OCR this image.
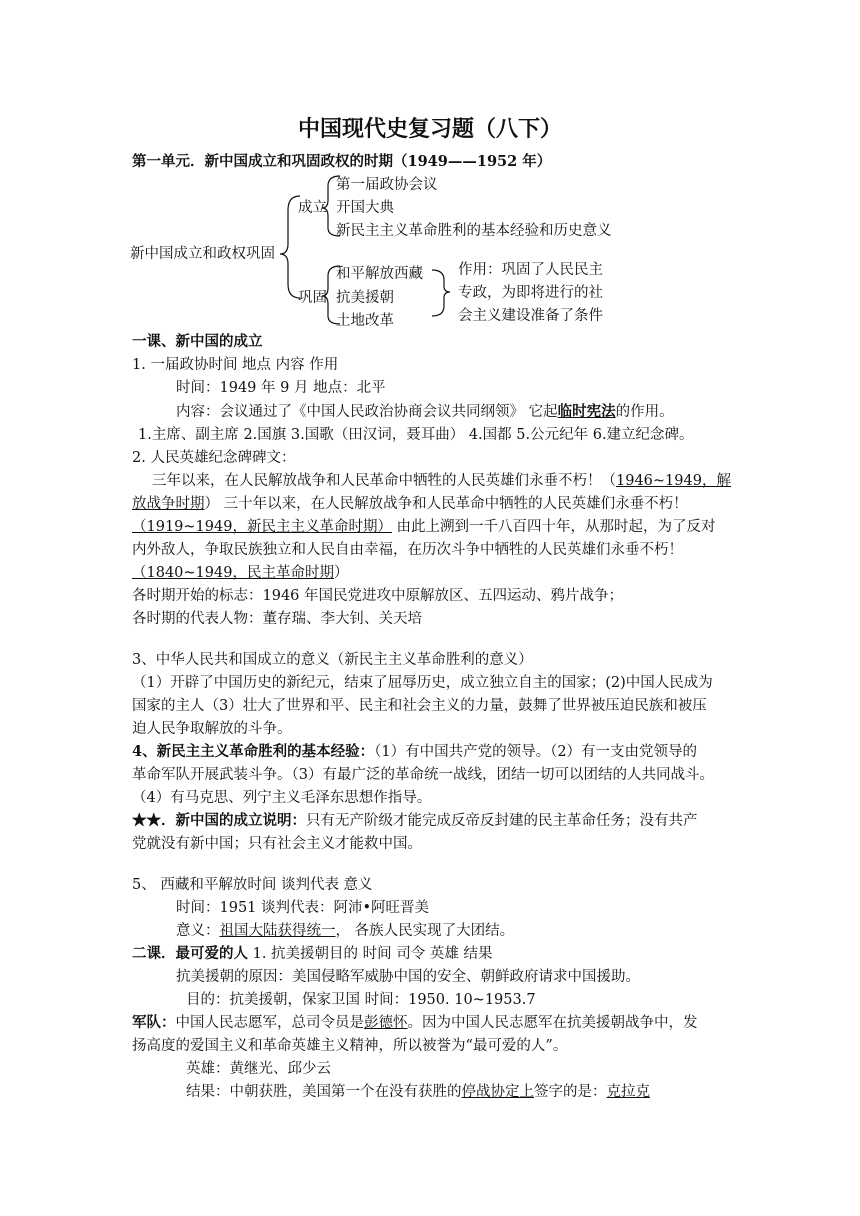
中国现代史复习题（八下）
第一单元．新中国成立和巩固政权的时期（1949——1952 年）
新中国成立和政权巩固
成立
第一届政协会议
开国大典
新民主主义革命胜利的基本经验和历史意义
巩固
和平解放西藏
抗美援朝
土地改革
作用：巩固了人民民主
专政，为即将进行的社
会主义建设准备了条件
一课、新中国的成立
1. 一届政协时间 地点 内容 作用
时间：1949 年 9 月 地点：北平
内容：会议通过了《中国人民政治协商会议共同纲领》 它起临时宪法的作用。
1.主席、副主席 2.国旗 3.国歌（田汉词，聂耳曲） 4.国都 5.公元纪年 6.建立纪念碑。
2. 人民英雄纪念碑碑文：
三年以来，在人民解放战争和人民革命中牺牲的人民英雄们永垂不朽！（1946~1949，解
放战争时期） 三十年以来，在人民解放战争和人民革命中牺牲的人民英雄们永垂不朽！
（1919~1949，新民主主义革命时期） 由此上溯到一千八百四十年，从那时起，为了反对
内外敌人，争取民族独立和人民自由幸福，在历次斗争中牺牲的人民英雄们永垂不朽！
（1840~1949，民主革命时期）
各时期开始的标志：1946 年国民党进攻中原解放区、五四运动、鸦片战争；
各时期的代表人物：董存瑞、李大钊、关天培
3、中华人民共和国成立的意义（新民主主义革命胜利的意义）
（1）开辟了中国历史的新纪元，结束了屈辱历史，成立独立自主的国家；(2)中国人民成为
国家的主人（3）壮大了世界和平、民主和社会主义的力量，鼓舞了世界被压迫民族和被压
迫人民争取解放的斗争。
4、新民主主义革命胜利的基本经验：（1）有中国共产党的领导。（2）有一支由党领导的
革命军队开展武装斗争。（3）有最广泛的革命统一战线，团结一切可以团结的人共同战斗。
（4）有马克思、列宁主义毛泽东思想作指导。
★★．新中国的成立说明：只有无产阶级才能完成反帝反封建的民主革命任务；没有共产
党就没有新中国；只有社会主义才能救中国。
5、 西藏和平解放时间 谈判代表 意义
时间：1951 谈判代表：阿沛•阿旺晋美
意义：祖国大陆获得统一， 各族人民实现了大团结。
二课．最可爱的人 1. 抗美援朝目的 时间 司令 英雄 结果
抗美援朝的原因：美国侵略军威胁中国的安全、朝鲜政府请求中国援助。
目的：抗美援朝，保家卫国 时间：1950. 10~1953.7
军队：中国人民志愿军，总司令员是彭德怀。因为中国人民志愿军在抗美援朝战争中，发
扬高度的爱国主义和革命英雄主义精神，所以被誉为“最可爱的人”。
英雄：黄继光、邱少云
结果：中朝获胜，美国第一个在没有获胜的停战协定上签字的是：克拉克
